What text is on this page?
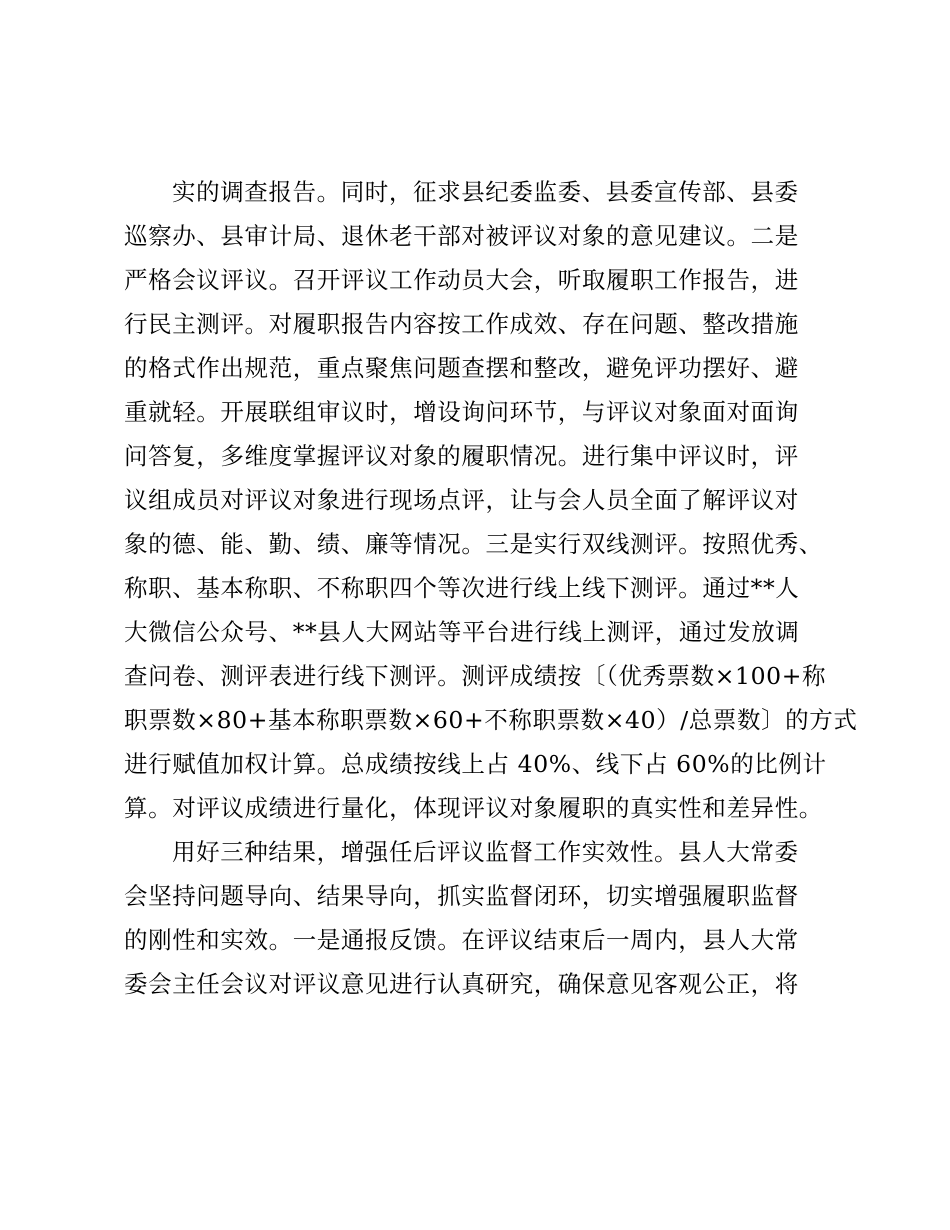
实的调查报告。同时，征求县纪委监委、县委宣传部、县委
巡察办、县审计局、退休老干部对被评议对象的意见建议。二是
严格会议评议。召开评议工作动员大会，听取履职工作报告，进
行民主测评。对履职报告内容按工作成效、存在问题、整改措施
的格式作出规范，重点聚焦问题查摆和整改，避免评功摆好、避
重就轻。开展联组审议时，增设询问环节，与评议对象面对面询
问答复，多维度掌握评议对象的履职情况。进行集中评议时，评
议组成员对评议对象进行现场点评，让与会人员全面了解评议对
象的德、能、勤、绩、廉等情况。三是实行双线测评。按照优秀、
称职、基本称职、不称职四个等次进行线上线下测评。通过**人
大微信公众号、**县人大网站等平台进行线上测评，通过发放调
查问卷、测评表进行线下测评。测评成绩按〔（优秀票数×100+称
职票数×80+基本称职票数×60+不称职票数×40）/总票数〕的方式
进行赋值加权计算。总成绩按线上占 40%、线下占 60%的比例计
算。对评议成绩进行量化，体现评议对象履职的真实性和差异性。
用好三种结果，增强任后评议监督工作实效性。县人大常委
会坚持问题导向、结果导向，抓实监督闭环，切实增强履职监督
的刚性和实效。一是通报反馈。在评议结束后一周内，县人大常
委会主任会议对评议意见进行认真研究，确保意见客观公正，将
